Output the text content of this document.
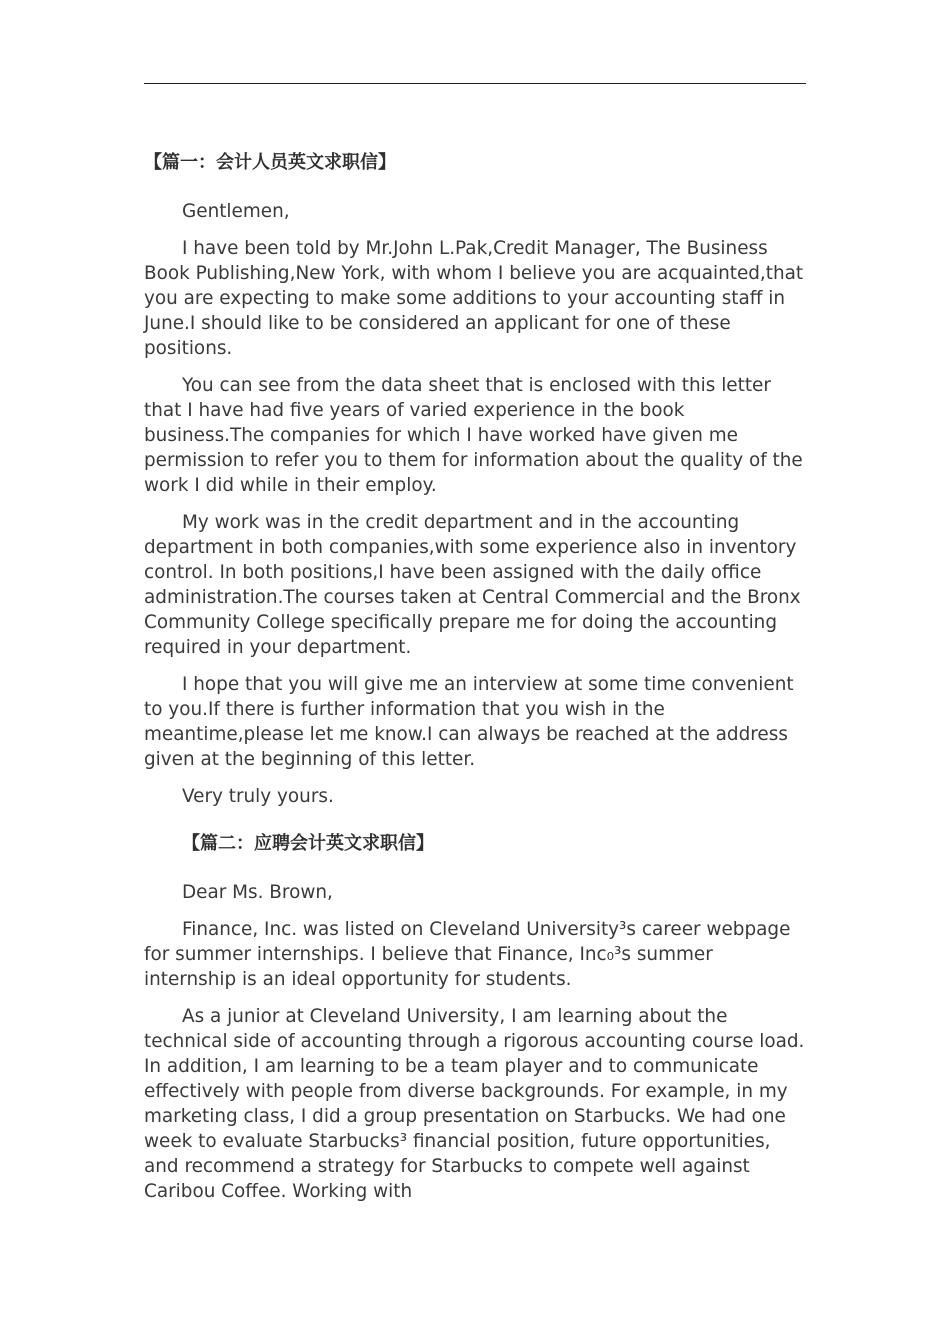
【篇一：会计人员英文求职信】

Gentlemen,

I have been told by Mr.John L.Pak,Credit Manager, The Business Book Publishing,New York, with whom I believe you are acquainted,that you are expecting to make some additions to your accounting staff in June.I should like to be considered an applicant for one of these positions.

You can see from the data sheet that is enclosed with this letter that I have had five years of varied experience in the book business.The companies for which I have worked have given me permission to refer you to them for information about the quality of the work I did while in their employ.

My work was in the credit department and in the accounting department in both companies,with some experience also in inventory control. In both positions,I have been assigned with the daily office administration.The courses taken at Central Commercial and the Bronx Community College specifically prepare me for doing the accounting required in your department.

I hope that you will give me an interview at some time convenient to you.If there is further information that you wish in the meantime,please let me know.I can always be reached at the address given at the beginning of this letter.

Very truly yours.

【篇二：应聘会计英文求职信】

Dear Ms. Brown,

Finance, Inc. was listed on Cleveland University³s career webpage for summer internships. I believe that Finance, Inc₀³s summer internship is an ideal opportunity for students.

As a junior at Cleveland University, I am learning about the technical side of accounting through a rigorous accounting course load. In addition, I am learning to be a team player and to communicate effectively with people from diverse backgrounds. For example, in my marketing class, I did a group presentation on Starbucks. We had one week to evaluate Starbucks³ financial position, future opportunities, and recommend a strategy for Starbucks to compete well against Caribou Coffee. Working with
